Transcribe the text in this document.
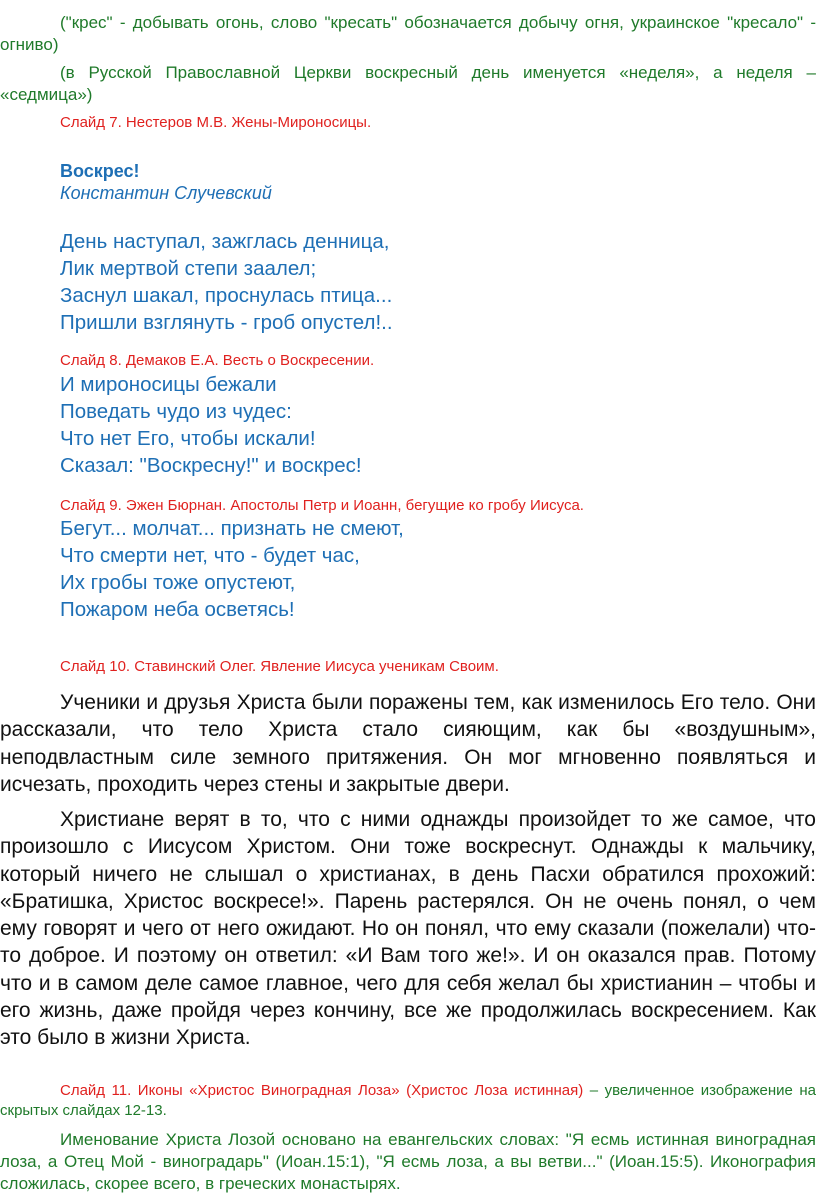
("крес" - добывать огонь, слово "кресать" обозначается добычу огня, украинское "кресало" - огниво)
(в Русской Православной Церкви воскресный день именуется «неделя», а неделя – «седмица»)
Слайд 7. Нестеров М.В. Жены-Мироносицы.
Воскрес!
Константин Случевский
День наступал, зажглась денница,
Лик мертвой степи заалел;
Заснул шакал, проснулась птица...
Пришли взглянуть - гроб опустел!..
Слайд 8. Демаков Е.А. Весть о Воскресении.
И мироносицы бежали
Поведать чудо из чудес:
Что нет Его, чтобы искали!
Сказал: "Воскресну!" и воскрес!
Слайд 9. Эжен Бюрнан. Апостолы Петр и Иоанн, бегущие ко гробу Иисуса.
Бегут... молчат... признать не смеют,
Что смерти нет, что - будет час,
Их гробы тоже опустеют,
Пожаром неба осветясь!
Слайд 10. Ставинский Олег. Явление Иисуса ученикам Своим.
Ученики и друзья Христа были поражены тем, как изменилось Его тело. Они рассказали, что тело Христа стало сияющим, как бы «воздушным», неподвластным силе земного притяжения. Он мог мгновенно появляться и исчезать, проходить через стены и закрытые двери.
Христиане верят в то, что с ними однажды произойдет то же самое, что произошло с Иисусом Христом. Они тоже воскреснут. Однажды к мальчику, который ничего не слышал о христианах, в день Пасхи обратился прохожий: «Братишка, Христос воскресе!». Парень растерялся. Он не очень понял, о чем ему говорят и чего от него ожидают. Но он понял, что ему сказали (пожелали) что-то доброе. И поэтому он ответил: «И Вам того же!». И он оказался прав. Потому что и в самом деле самое главное, чего для себя желал бы христианин – чтобы и его жизнь, даже пройдя через кончину, все же продолжилась воскресением. Как это было в жизни Христа.
Слайд 11. Иконы «Христос Виноградная Лоза» (Христос Лоза истинная) – увеличенное изображение на скрытых слайдах 12-13.
Именование Христа Лозой основано на евангельских словах: "Я есмь истинная виноградная лоза, а Отец Мой - виноградарь" (Иоан.15:1), "Я есмь лоза, а вы ветви..." (Иоан.15:5). Иконография сложилась, скорее всего, в греческих монастырях.
